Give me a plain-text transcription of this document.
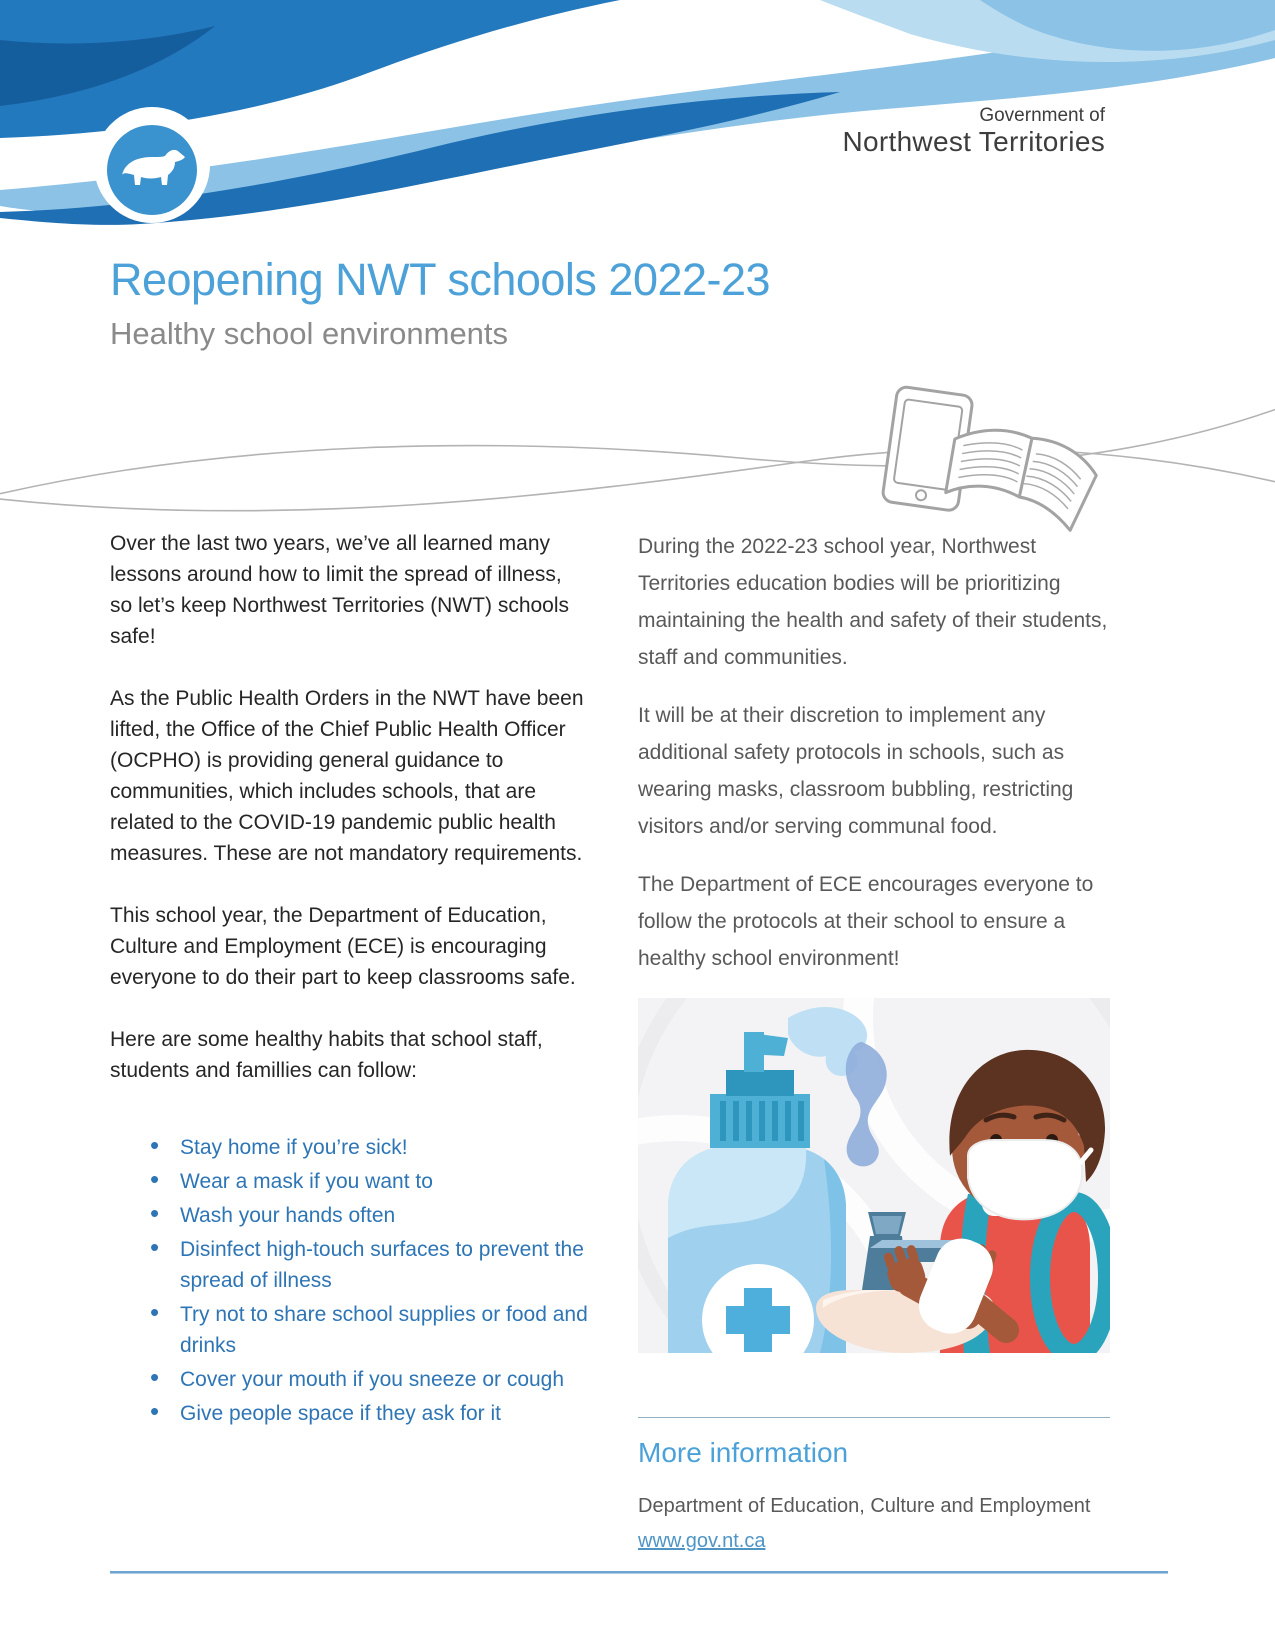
Government of
Northwest Territories
Reopening NWT schools 2022-23
Healthy school environments

Over the last two years, we’ve all learned many lessons around how to limit the spread of illness, so let’s keep Northwest Territories (NWT) schools safe!

As the Public Health Orders in the NWT have been lifted, the Office of the Chief Public Health Officer (OCPHO) is providing general guidance to communities, which includes schools, that are related to the COVID-19 pandemic public health measures. These are not mandatory requirements.

This school year, the Department of Education, Culture and Employment (ECE) is encouraging everyone to do their part to keep classrooms safe.

Here are some healthy habits that school staff, students and famillies can follow:

• Stay home if you’re sick!
• Wear a mask if you want to
• Wash your hands often
• Disinfect high-touch surfaces to prevent the spread of illness
• Try not to share school supplies or food and drinks
• Cover your mouth if you sneeze or cough
• Give people space if they ask for it

During the 2022-23 school year, Northwest Territories education bodies will be prioritizing maintaining the health and safety of their students, staff and communities.

It will be at their discretion to implement any additional safety protocols in schools, such as wearing masks, classroom bubbling, restricting visitors and/or serving communal food.

The Department of ECE encourages everyone to follow the protocols at their school to ensure a healthy school environment!

More information

Department of Education, Culture and Employment

www.gov.nt.ca
